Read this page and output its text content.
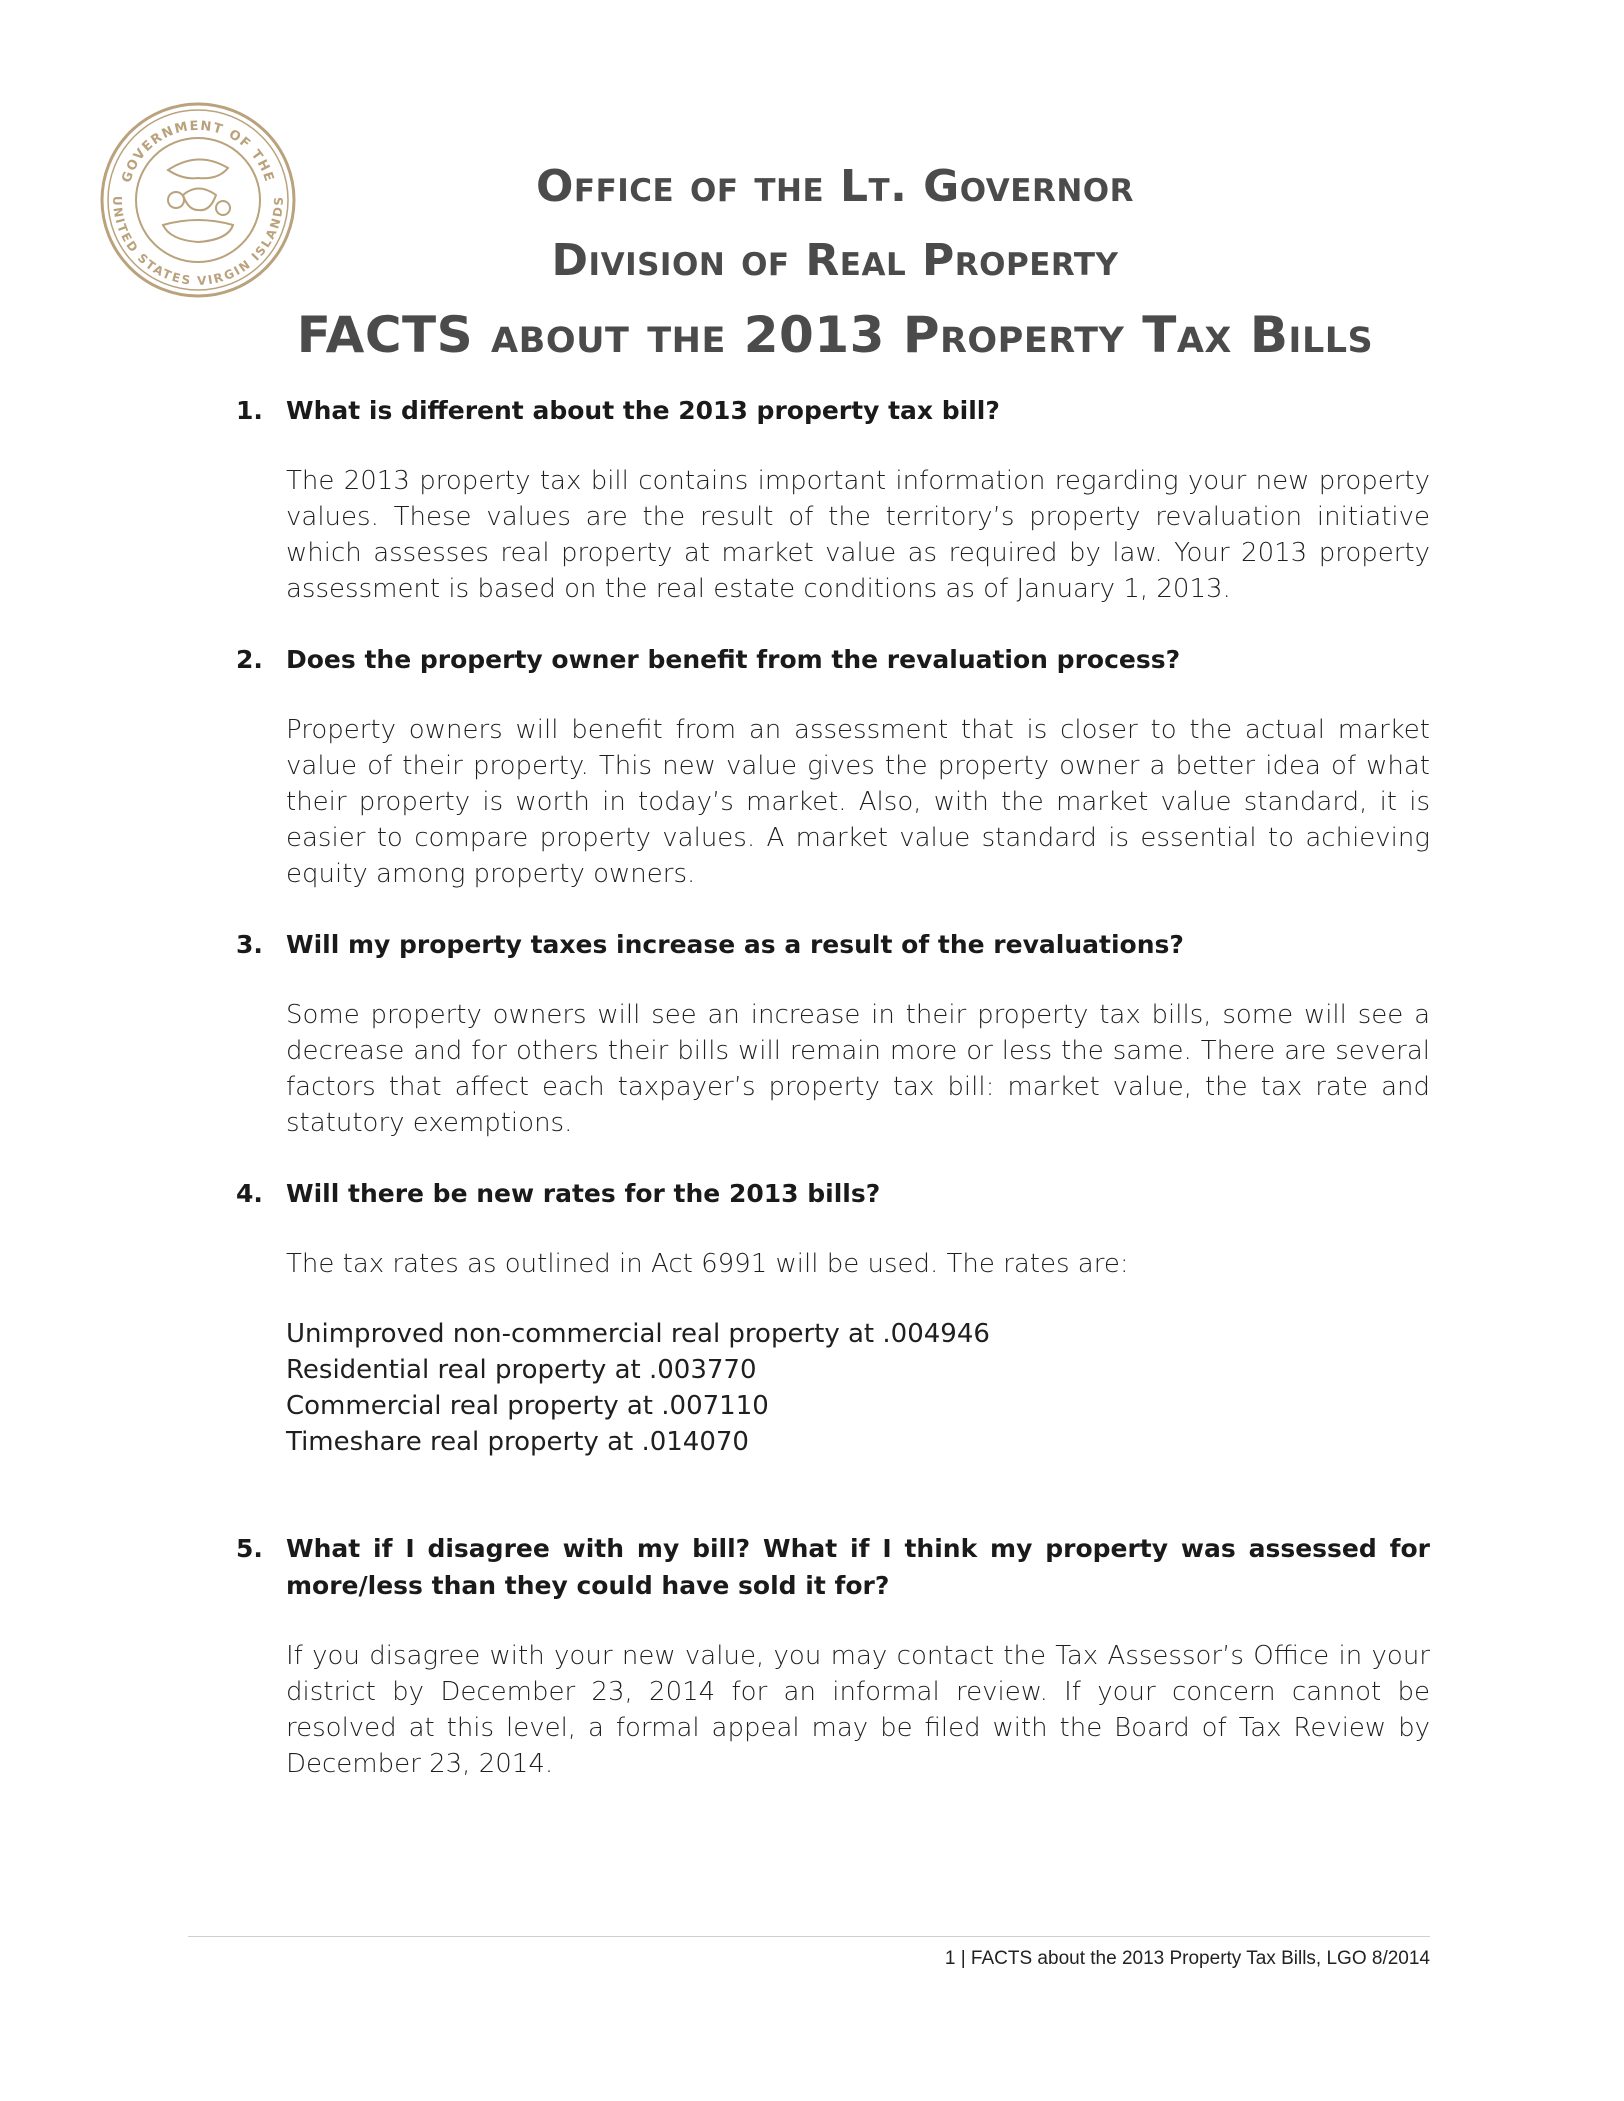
GOVERNMENT OF THE
UNITED STATES VIRGIN ISLANDS	Office of the Lt. Governor
Division of Real Property
FACTS about the 2013 Property Tax Bills
1. What is different about the 2013 property tax bill?

The 2013 property tax bill contains important information regarding your new property values. These values are the result of the territory’s property revaluation initiative which assesses real property at market value as required by law. Your 2013 property assessment is based on the real estate conditions as of January 1, 2013.

2. Does the property owner benefit from the revaluation process?

Property owners will benefit from an assessment that is closer to the actual market value of their property. This new value gives the property owner a better idea of what their property is worth in today’s market. Also, with the market value standard, it is easier to compare property values. A market value standard is essential to achieving equity among property owners.

3. Will my property taxes increase as a result of the revaluations?

Some property owners will see an increase in their property tax bills, some will see a decrease and for others their bills will remain more or less the same. There are several factors that affect each taxpayer’s property tax bill: market value, the tax rate and statutory exemptions.

4. Will there be new rates for the 2013 bills?

The tax rates as outlined in Act 6991 will be used. The rates are:

Unimproved non-commercial real property at .004946
Residential real property at .003770
Commercial real property at .007110
Timeshare real property at .014070
5. What if I disagree with my bill? What if I think my property was assessed for more/less than they could have sold it for?

If you disagree with your new value, you may contact the Tax Assessor’s Office in your district by December 23, 2014 for an informal review. If your concern cannot be resolved at this level, a formal appeal may be filed with the Board of Tax Review by December 23, 2014.

1 | FACTS about the 2013 Property Tax Bills, LGO 8/2014
